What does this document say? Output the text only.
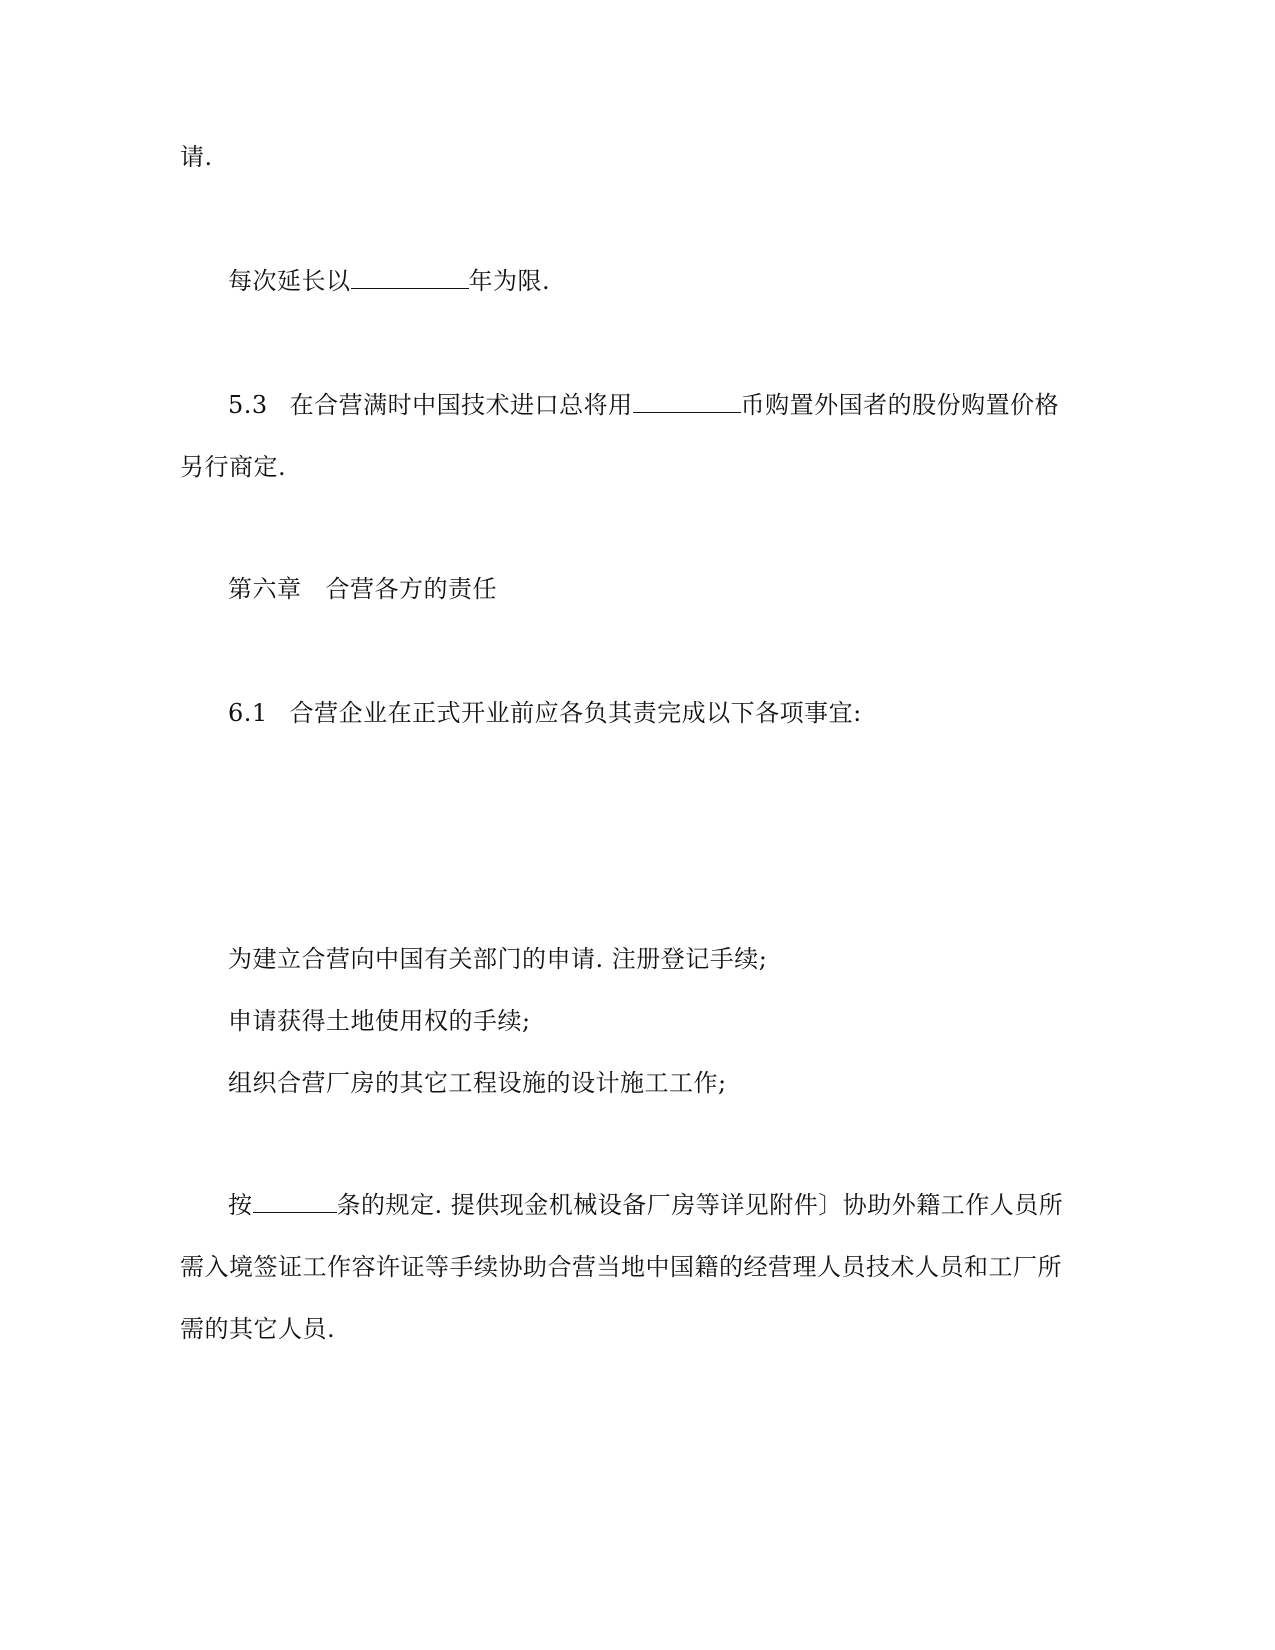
请.
每次延长以	年为限.
5.3 在合营满时中国技术进口总将用	币购置外国者的股份购置价格
另行商定.
第六章 合营各方的责任
6.1 合营企业在正式开业前应各负其责完成以下各项事宜:
为建立合营向中国有关部门的申请. 注册登记手续;
申请获得土地使用权的手续;
组织合营厂房的其它工程设施的设计施工工作;
按	条的规定. 提供现金机械设备厂房等详见附件〕协助外籍工作人员所
需入境签证工作容许证等手续协助合营当地中国籍的经营理人员技术人员和工厂所
需的其它人员.
